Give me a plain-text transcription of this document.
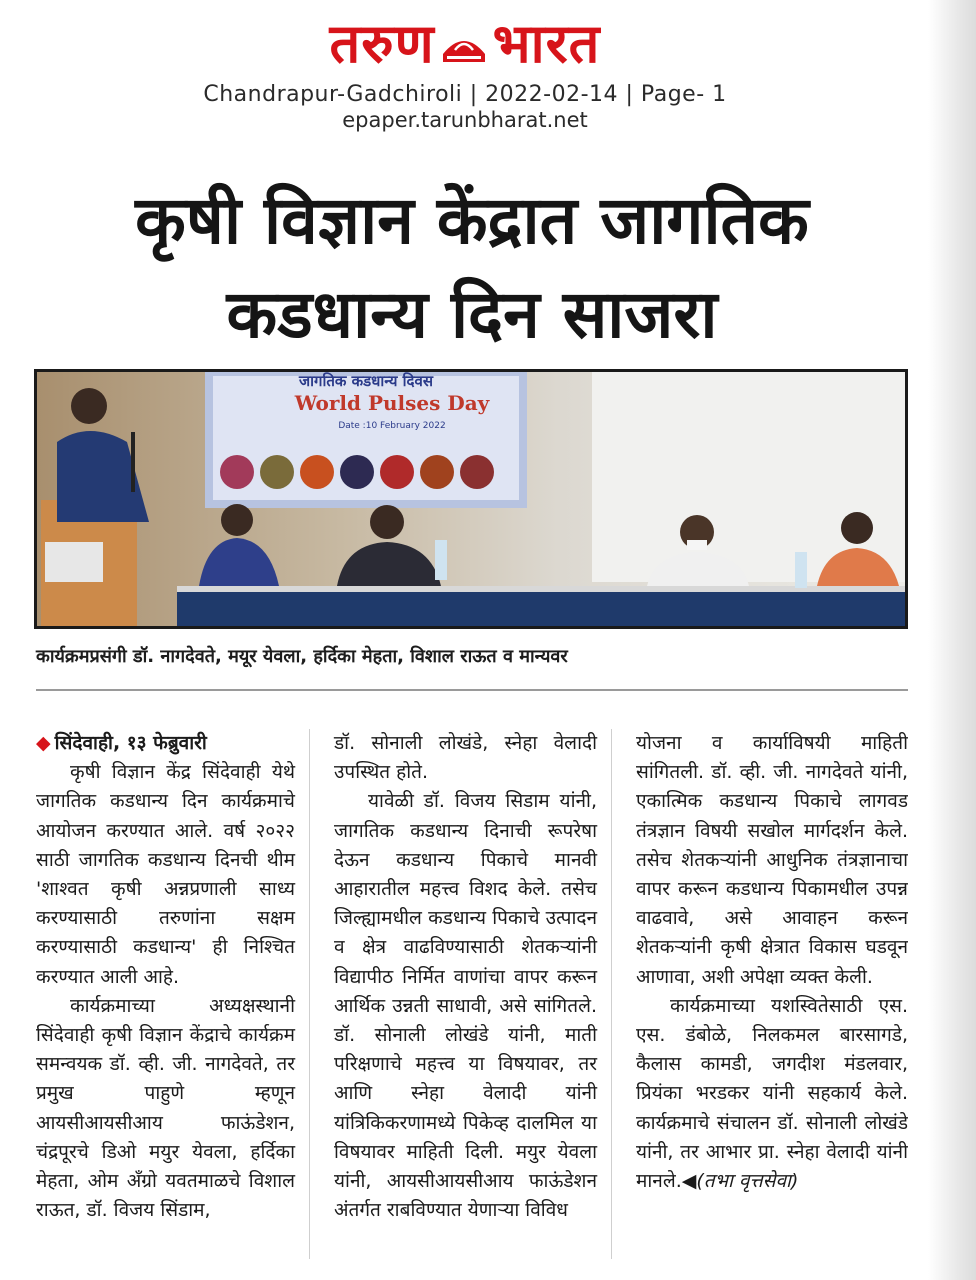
तरुण भारत
Chandrapur-Gadchiroli | 2022-02-14 | Page- 1
epaper.tarunbharat.net
कृषी विज्ञान केंद्रात जागतिक
कडधान्य दिन साजरा
जागतिक कडधान्य दिवस
World Pulses Day
Date :10 February 2022
कार्यक्रमप्रसंगी डॉ. नागदेवते, मयूर येवला, हर्दिका मेहता, विशाल राऊत व मान्यवर

◆ सिंदेवाही, १३ फेब्रुवारी

कृषी विज्ञान केंद्र सिंदेवाही येथे जागतिक कडधान्य दिन कार्यक्रमाचे आयोजन करण्यात आले. वर्ष २०२२ साठी जागतिक कडधान्य दिनची थीम 'शाश्वत कृषी अन्नप्रणाली साध्य करण्यासाठी तरुणांना सक्षम करण्यासाठी कडधान्य' ही निश्चित करण्यात आली आहे.

कार्यक्रमाच्या अध्यक्षस्थानी सिंदेवाही कृषी विज्ञान केंद्राचे कार्यक्रम समन्वयक डॉ. व्ही. जी. नागदेवते, तर प्रमुख पाहुणे म्हणून आयसीआयसीआय फाऊंडेशन, चंद्रपूरचे डिओ मयुर येवला, हर्दिका मेहता, ओम अँग्रो यवतमाळचे विशाल राऊत, डॉ. विजय सिंडाम,

डॉ. सोनाली लोखंडे, स्नेहा वेलादी उपस्थित होते.

यावेळी डॉ. विजय सिडाम यांनी, जागतिक कडधान्य दिनाची रूपरेषा देऊन कडधान्य पिकाचे मानवी आहारातील महत्त्व विशद केले. तसेच जिल्ह्यामधील कडधान्य पिकाचे उत्पादन व क्षेत्र वाढविण्यासाठी शेतकऱ्यांनी विद्यापीठ निर्मित वाणांचा वापर करून आर्थिक उन्नती साधावी, असे सांगितले. डॉ. सोनाली लोखंडे यांनी, माती परिक्षणाचे महत्त्व या विषयावर, तर आणि स्नेहा वेलादी यांनी यांत्रिकिकरणामध्ये पिकेव्ह दालमिल या विषयावर माहिती दिली. मयुर येवला यांनी, आयसीआयसीआय फाऊंडेशन अंतर्गत राबविण्यात येणाऱ्या विविध

योजना व कार्याविषयी माहिती सांगितली. डॉ. व्ही. जी. नागदेवते यांनी, एकात्मिक कडधान्य पिकाचे लागवड तंत्रज्ञान विषयी सखोल मार्गदर्शन केले. तसेच शेतकऱ्यांनी आधुनिक तंत्रज्ञानाचा वापर करून कडधान्य पिकामधील उपन्न वाढवावे, असे आवाहन करून शेतकऱ्यांनी कृषी क्षेत्रात विकास घडवून आणावा, अशी अपेक्षा व्यक्त केली.

कार्यक्रमाच्या यशस्वितेसाठी एस. एस. डंबोळे, निलकमल बारसागडे, कैलास कामडी, जगदीश मंडलवार, प्रियंका भरडकर यांनी सहकार्य केले. कार्यक्रमाचे संचालन डॉ. सोनाली लोखंडे यांनी, तर आभार प्रा. स्नेहा वेलादी यांनी मानले.◀(तभा वृत्तसेवा)
